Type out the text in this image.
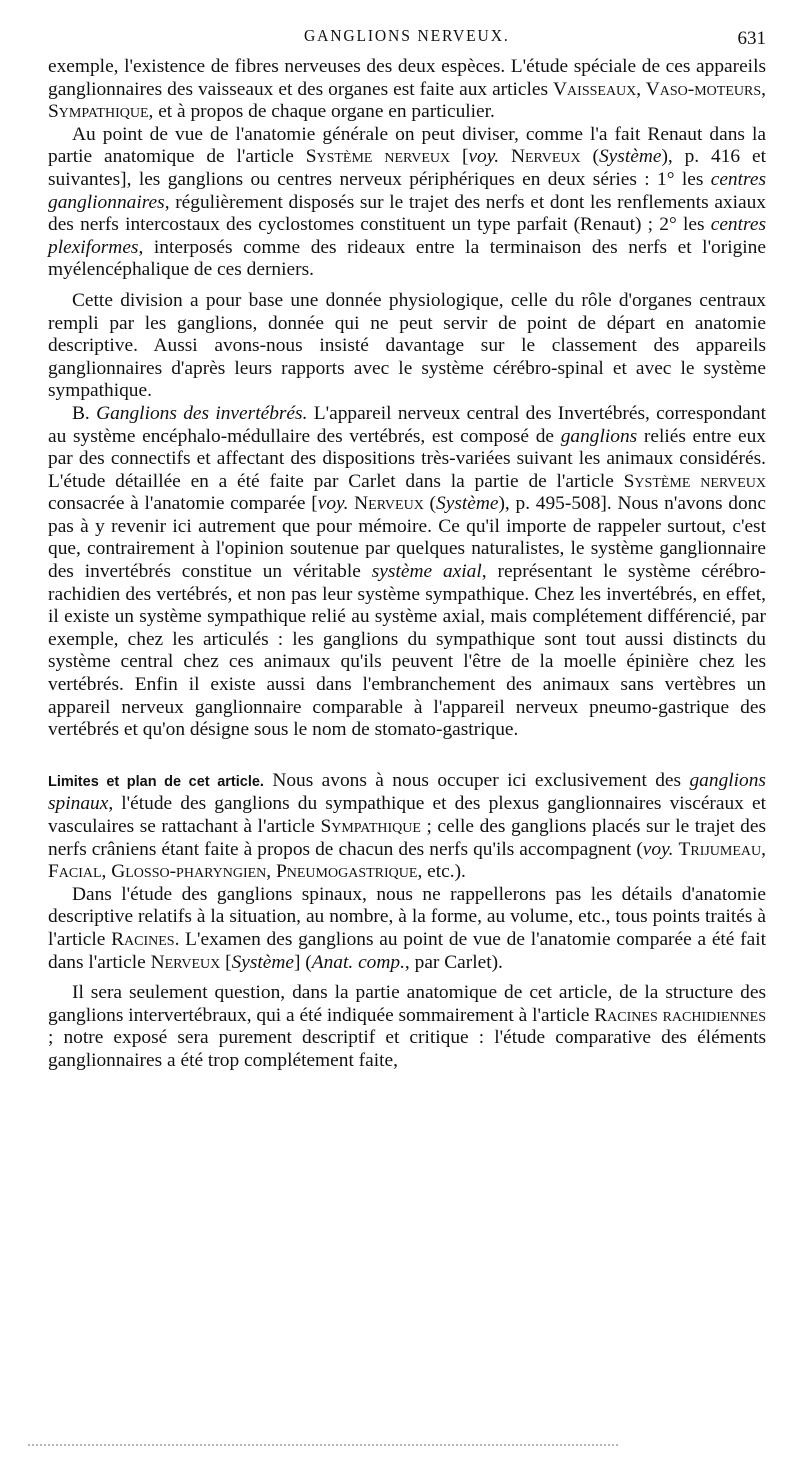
GANGLIONS NERVEUX.	631

exemple, l'existence de fibres nerveuses des deux espèces. L'étude spéciale de ces appareils ganglionnaires des vaisseaux et des organes est faite aux articles Vaisseaux, Vaso-moteurs, Sympathique, et à propos de chaque organe en particulier.

Au point de vue de l'anatomie générale on peut diviser, comme l'a fait Renaut dans la partie anatomique de l'article Système nerveux [voy. Nerveux (Système), p. 416 et suivantes], les ganglions ou centres nerveux périphériques en deux séries : 1° les centres ganglionnaires, régulièrement disposés sur le trajet des nerfs et dont les renflements axiaux des nerfs intercostaux des cyclostomes constituent un type parfait (Renaut) ; 2° les centres plexiformes, interposés comme des rideaux entre la terminaison des nerfs et l'origine myélencéphalique de ces derniers.

Cette division a pour base une donnée physiologique, celle du rôle d'organes centraux rempli par les ganglions, donnée qui ne peut servir de point de départ en anatomie descriptive. Aussi avons-nous insisté davantage sur le classement des appareils ganglionnaires d'après leurs rapports avec le système cérébro-spinal et avec le système sympathique.

B. Ganglions des invertébrés. L'appareil nerveux central des Invertébrés, correspondant au système encéphalo-médullaire des vertébrés, est composé de ganglions reliés entre eux par des connectifs et affectant des dispositions très-variées suivant les animaux considérés. L'étude détaillée en a été faite par Carlet dans la partie de l'article Système nerveux consacrée à l'anatomie comparée [voy. Nerveux (Système), p. 495-508]. Nous n'avons donc pas à y revenir ici autrement que pour mémoire. Ce qu'il importe de rappeler surtout, c'est que, contrairement à l'opinion soutenue par quelques naturalistes, le système ganglionnaire des invertébrés constitue un véritable système axial, représentant le système cérébro-rachidien des vertébrés, et non pas leur système sympathique. Chez les invertébrés, en effet, il existe un système sympathique relié au système axial, mais complétement différencié, par exemple, chez les articulés : les ganglions du sympathique sont tout aussi distincts du système central chez ces animaux qu'ils peuvent l'être de la moelle épinière chez les vertébrés. Enfin il existe aussi dans l'embranchement des animaux sans vertèbres un appareil nerveux ganglionnaire comparable à l'appareil nerveux pneumo-gastrique des vertébrés et qu'on désigne sous le nom de stomato-gastrique.

Limites et plan de cet article. Nous avons à nous occuper ici exclusivement des ganglions spinaux, l'étude des ganglions du sympathique et des plexus ganglionnaires viscéraux et vasculaires se rattachant à l'article Sympathique ; celle des ganglions placés sur le trajet des nerfs crâniens étant faite à propos de chacun des nerfs qu'ils accompagnent (voy. Trijumeau, Facial, Glosso-pharyngien, Pneumogastrique, etc.).

Dans l'étude des ganglions spinaux, nous ne rappellerons pas les détails d'anatomie descriptive relatifs à la situation, au nombre, à la forme, au volume, etc., tous points traités à l'article Racines. L'examen des ganglions au point de vue de l'anatomie comparée a été fait dans l'article Nerveux [Système] (Anat. comp., par Carlet).

Il sera seulement question, dans la partie anatomique de cet article, de la structure des ganglions intervertébraux, qui a été indiquée sommairement à l'article Racines rachidiennes ; notre exposé sera purement descriptif et critique : l'étude comparative des éléments ganglionnaires a été trop complétement faite,
